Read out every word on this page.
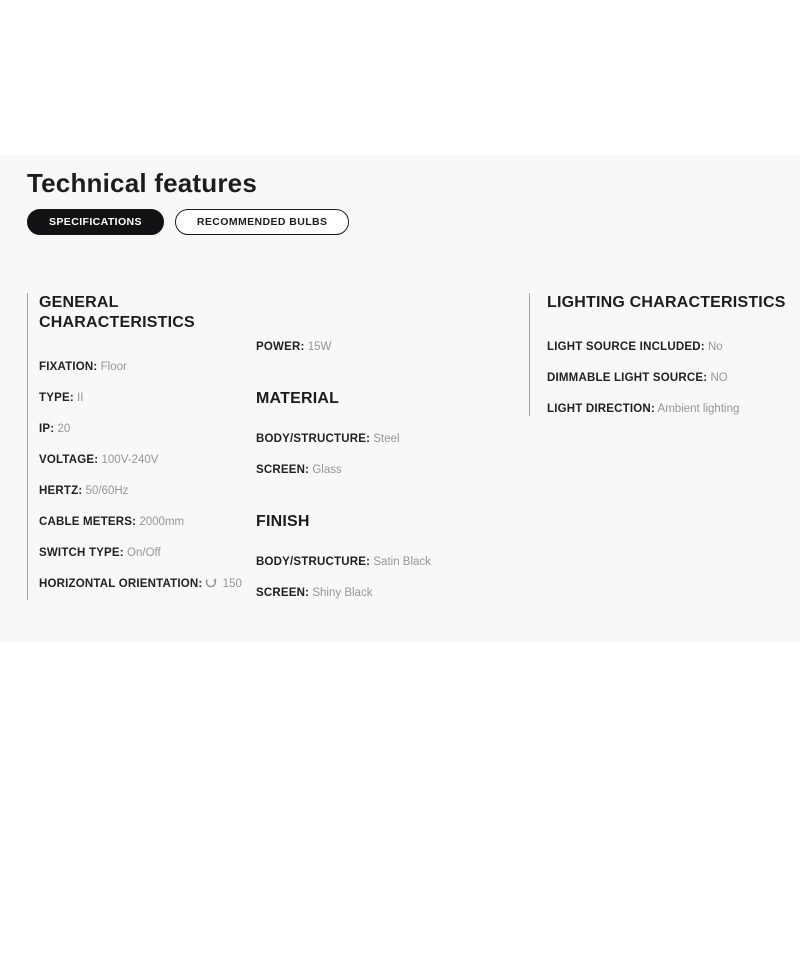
Technical features
SPECIFICATIONS	RECOMMENDED BULBS
GENERAL CHARACTERISTICS
FIXATION: Floor
TYPE: II
IP: 20
VOLTAGE: 100V-240V
HERTZ: 50/60Hz
CABLE METERS: 2000mm
SWITCH TYPE: On/Off
HORIZONTAL ORIENTATION: 150
POWER: 15W
MATERIAL
BODY/STRUCTURE: Steel
SCREEN: Glass
FINISH
BODY/STRUCTURE: Satin Black
SCREEN: Shiny Black
LIGHTING CHARACTERISTICS
LIGHT SOURCE INCLUDED: No
DIMMABLE LIGHT SOURCE: NO
LIGHT DIRECTION: Ambient lighting
